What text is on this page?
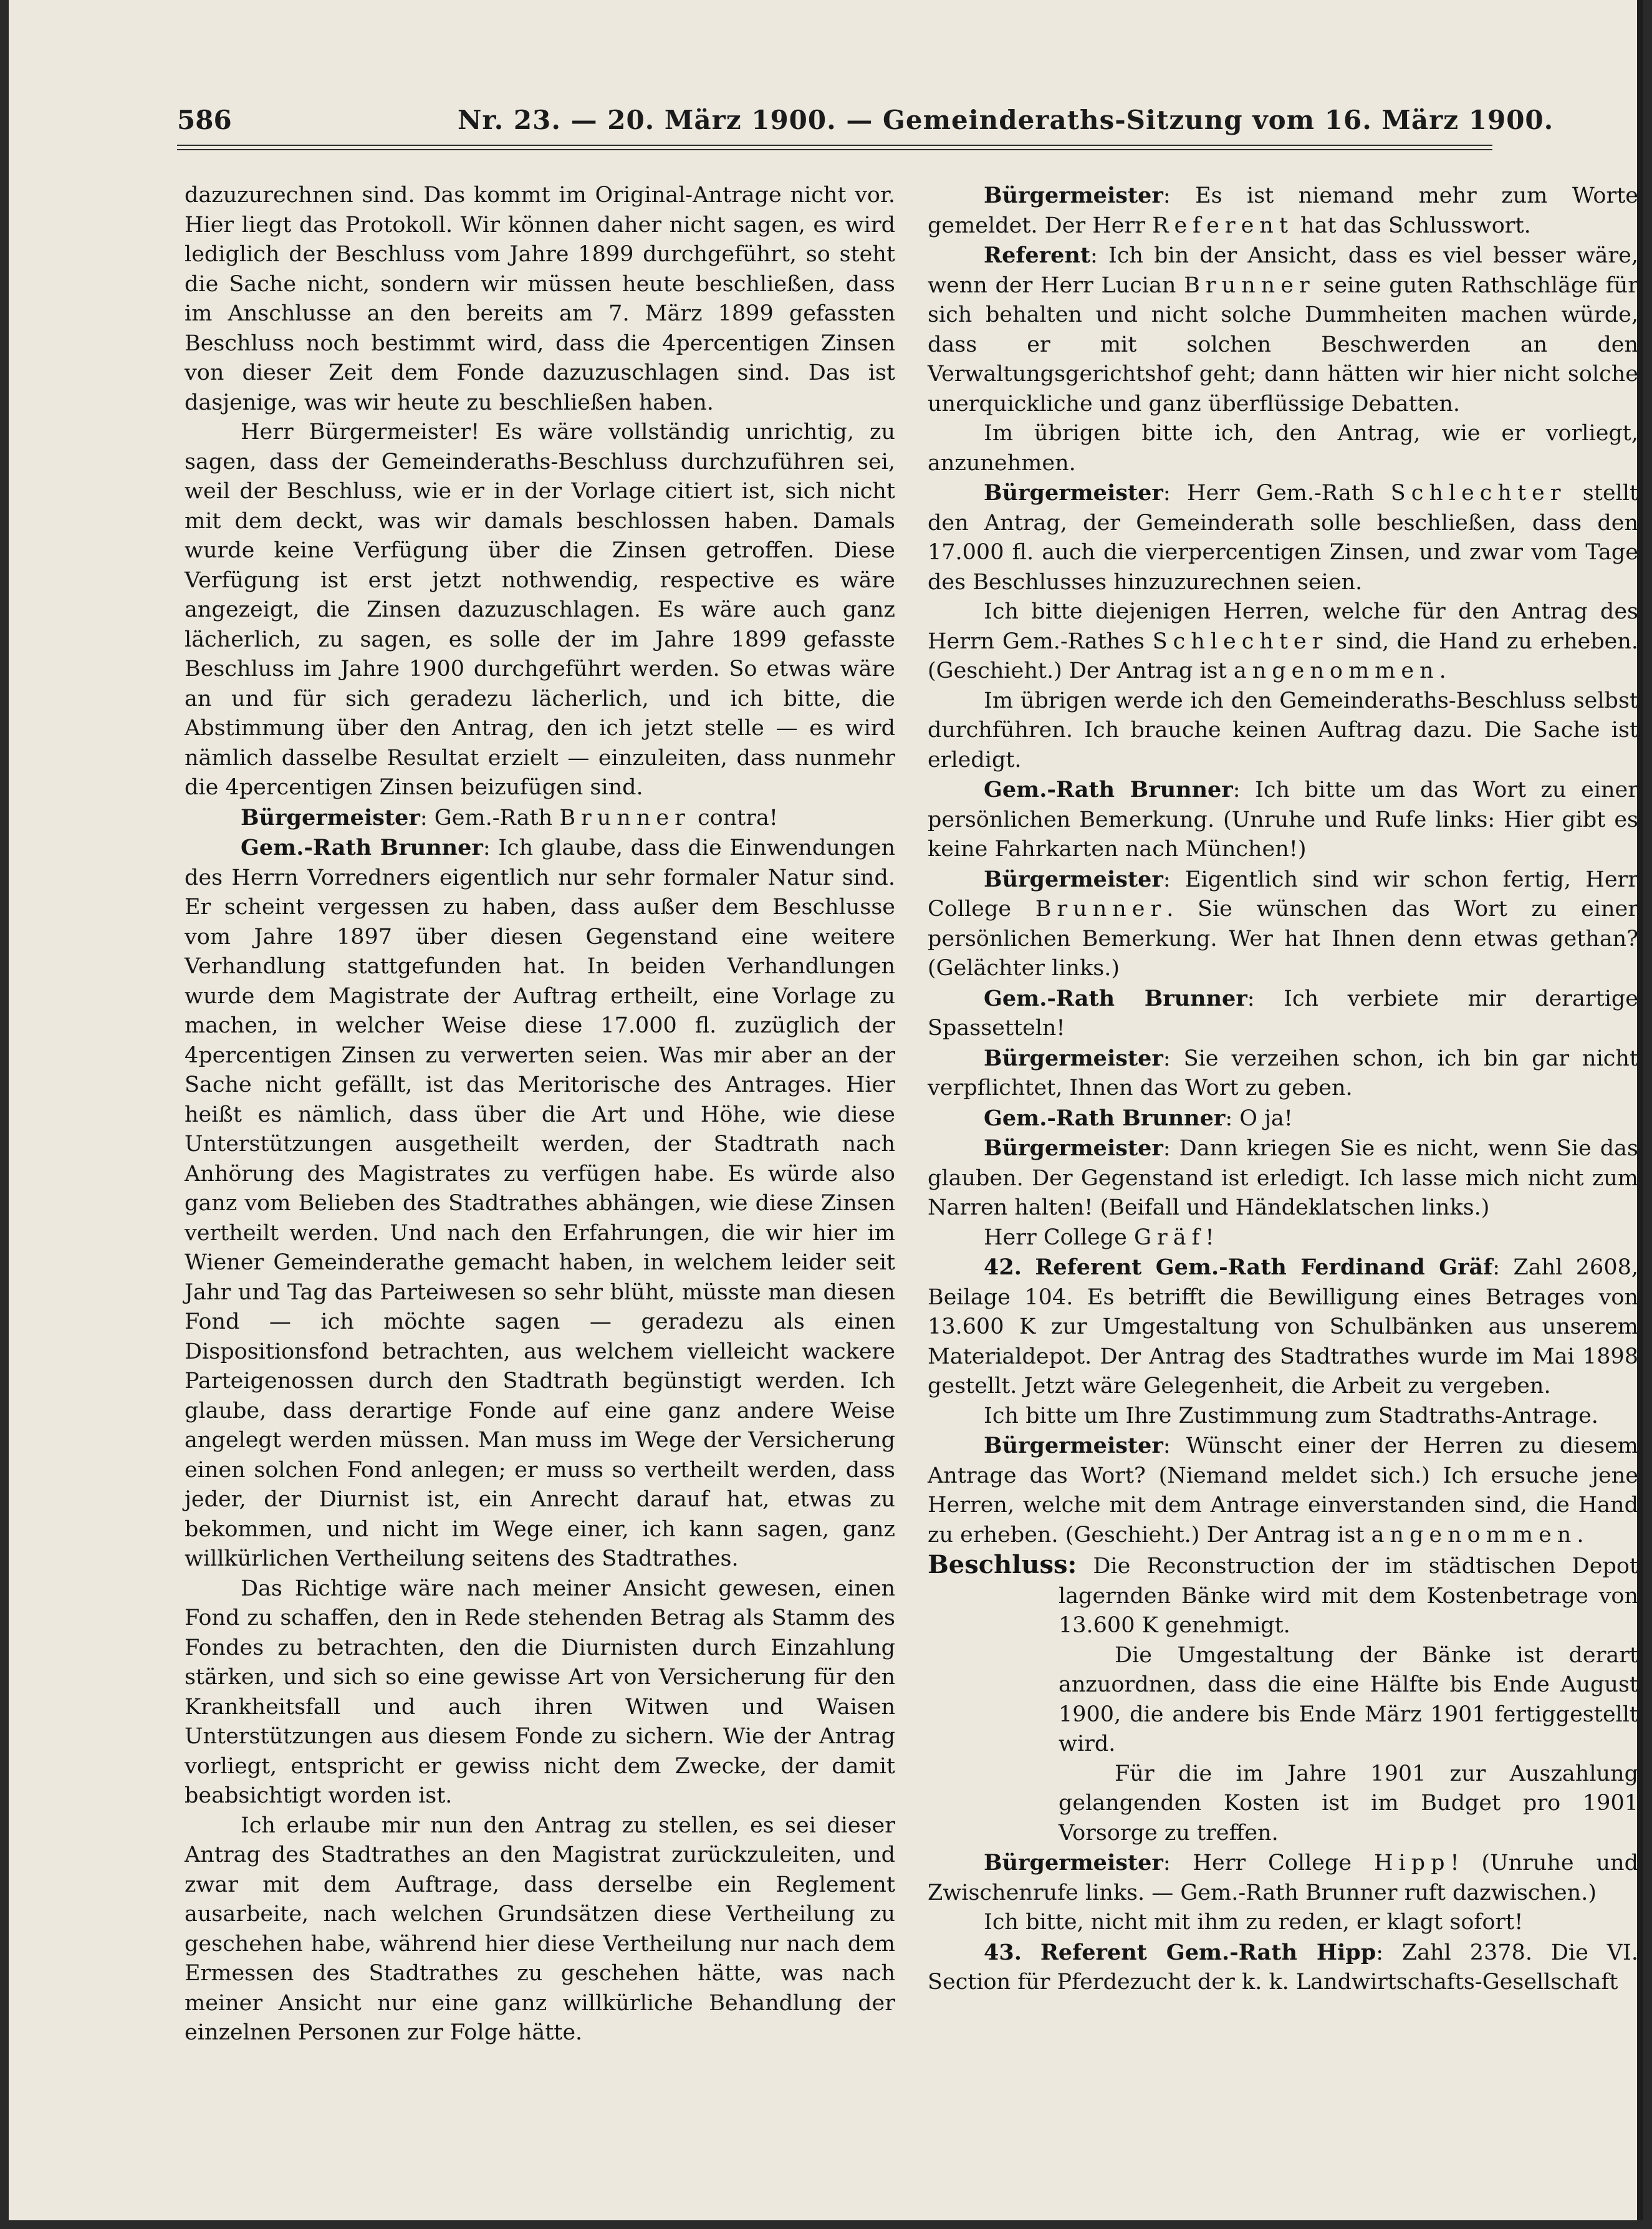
586	Nr. 23. — 20. März 1900. — Gemeinderaths-Sitzung vom 16. März 1900.

dazuzurechnen sind. Das kommt im Original-Antrage nicht vor. Hier liegt das Protokoll. Wir können daher nicht sagen, es wird lediglich der Beschluss vom Jahre 1899 durchgeführt, so steht die Sache nicht, sondern wir müssen heute beschließen, dass im Anschlusse an den bereits am 7. März 1899 gefassten Beschluss noch bestimmt wird, dass die 4percentigen Zinsen von dieser Zeit dem Fonde dazuzuschlagen sind. Das ist dasjenige, was wir heute zu beschließen haben.

Herr Bürgermeister! Es wäre vollständig unrichtig, zu sagen, dass der Gemeinderaths-Beschluss durchzuführen sei, weil der Beschluss, wie er in der Vorlage citiert ist, sich nicht mit dem deckt, was wir damals beschlossen haben. Damals wurde keine Verfügung über die Zinsen getroffen. Diese Verfügung ist erst jetzt nothwendig, respective es wäre angezeigt, die Zinsen dazuzuschlagen. Es wäre auch ganz lächerlich, zu sagen, es solle der im Jahre 1899 gefasste Beschluss im Jahre 1900 durchgeführt werden. So etwas wäre an und für sich geradezu lächerlich, und ich bitte, die Abstimmung über den Antrag, den ich jetzt stelle — es wird nämlich dasselbe Resultat erzielt — einzuleiten, dass nunmehr die 4percentigen Zinsen beizufügen sind.

Bürgermeister: Gem.-Rath Brunner contra!

Gem.-Rath Brunner: Ich glaube, dass die Einwendungen des Herrn Vorredners eigentlich nur sehr formaler Natur sind. Er scheint vergessen zu haben, dass außer dem Beschlusse vom Jahre 1897 über diesen Gegenstand eine weitere Verhandlung stattgefunden hat. In beiden Verhandlungen wurde dem Magistrate der Auftrag ertheilt, eine Vorlage zu machen, in welcher Weise diese 17.000 fl. zuzüglich der 4percentigen Zinsen zu verwerten seien. Was mir aber an der Sache nicht gefällt, ist das Meritorische des Antrages. Hier heißt es nämlich, dass über die Art und Höhe, wie diese Unterstützungen ausgetheilt werden, der Stadtrath nach Anhörung des Magistrates zu verfügen habe. Es würde also ganz vom Belieben des Stadtrathes abhängen, wie diese Zinsen vertheilt werden. Und nach den Erfahrungen, die wir hier im Wiener Gemeinderathe gemacht haben, in welchem leider seit Jahr und Tag das Parteiwesen so sehr blüht, müsste man diesen Fond — ich möchte sagen — geradezu als einen Dispositionsfond betrachten, aus welchem vielleicht wackere Parteigenossen durch den Stadtrath begünstigt werden. Ich glaube, dass derartige Fonde auf eine ganz andere Weise angelegt werden müssen. Man muss im Wege der Versicherung einen solchen Fond anlegen; er muss so vertheilt werden, dass jeder, der Diurnist ist, ein Anrecht darauf hat, etwas zu bekommen, und nicht im Wege einer, ich kann sagen, ganz willkürlichen Vertheilung seitens des Stadtrathes.

Das Richtige wäre nach meiner Ansicht gewesen, einen Fond zu schaffen, den in Rede stehenden Betrag als Stamm des Fondes zu betrachten, den die Diurnisten durch Einzahlung stärken, und sich so eine gewisse Art von Versicherung für den Krankheitsfall und auch ihren Witwen und Waisen Unterstützungen aus diesem Fonde zu sichern. Wie der Antrag vorliegt, entspricht er gewiss nicht dem Zwecke, der damit beabsichtigt worden ist.

Ich erlaube mir nun den Antrag zu stellen, es sei dieser Antrag des Stadtrathes an den Magistrat zurückzuleiten, und zwar mit dem Auftrage, dass derselbe ein Reglement ausarbeite, nach welchen Grundsätzen diese Vertheilung zu geschehen habe, während hier diese Vertheilung nur nach dem Ermessen des Stadtrathes zu geschehen hätte, was nach meiner Ansicht nur eine ganz willkürliche Behandlung der einzelnen Personen zur Folge hätte.

Bürgermeister: Es ist niemand mehr zum Worte gemeldet. Der Herr Referent hat das Schlusswort.

Referent: Ich bin der Ansicht, dass es viel besser wäre, wenn der Herr Lucian Brunner seine guten Rathschläge für sich behalten und nicht solche Dummheiten machen würde, dass er mit solchen Beschwerden an den Verwaltungsgerichtshof geht; dann hätten wir hier nicht solche unerquickliche und ganz überflüssige Debatten.

Im übrigen bitte ich, den Antrag, wie er vorliegt, anzunehmen.

Bürgermeister: Herr Gem.-Rath Schlechter stellt den Antrag, der Gemeinderath solle beschließen, dass den 17.000 fl. auch die vierpercentigen Zinsen, und zwar vom Tage des Beschlusses hinzuzurechnen seien.

Ich bitte diejenigen Herren, welche für den Antrag des Herrn Gem.-Rathes Schlechter sind, die Hand zu erheben. (Geschieht.) Der Antrag ist angenommen.

Im übrigen werde ich den Gemeinderaths-Beschluss selbst durchführen. Ich brauche keinen Auftrag dazu. Die Sache ist erledigt.

Gem.-Rath Brunner: Ich bitte um das Wort zu einer persönlichen Bemerkung. (Unruhe und Rufe links: Hier gibt es keine Fahrkarten nach München!)

Bürgermeister: Eigentlich sind wir schon fertig, Herr College Brunner. Sie wünschen das Wort zu einer persönlichen Bemerkung. Wer hat Ihnen denn etwas gethan? (Gelächter links.)

Gem.-Rath Brunner: Ich verbiete mir derartige Spassetteln!

Bürgermeister: Sie verzeihen schon, ich bin gar nicht verpflichtet, Ihnen das Wort zu geben.

Gem.-Rath Brunner: O ja!

Bürgermeister: Dann kriegen Sie es nicht, wenn Sie das glauben. Der Gegenstand ist erledigt. Ich lasse mich nicht zum Narren halten! (Beifall und Händeklatschen links.)

Herr College Gräf!

42. Referent Gem.-Rath Ferdinand Gräf: Zahl 2608, Beilage 104. Es betrifft die Bewilligung eines Betrages von 13.600 K zur Umgestaltung von Schulbänken aus unserem Materialdepot. Der Antrag des Stadtrathes wurde im Mai 1898 gestellt. Jetzt wäre Gelegenheit, die Arbeit zu vergeben.

Ich bitte um Ihre Zustimmung zum Stadtraths-Antrage.

Bürgermeister: Wünscht einer der Herren zu diesem Antrage das Wort? (Niemand meldet sich.) Ich ersuche jene Herren, welche mit dem Antrage einverstanden sind, die Hand zu erheben. (Geschieht.) Der Antrag ist angenommen.

Beschluss: Die Reconstruction der im städtischen Depot lagernden Bänke wird mit dem Kostenbetrage von 13.600 K genehmigt.

Die Umgestaltung der Bänke ist derart anzuordnen, dass die eine Hälfte bis Ende August 1900, die andere bis Ende März 1901 fertiggestellt wird.

Für die im Jahre 1901 zur Auszahlung gelangenden Kosten ist im Budget pro 1901 Vorsorge zu treffen.

Bürgermeister: Herr College Hipp! (Unruhe und Zwischenrufe links. — Gem.-Rath Brunner ruft dazwischen.)

Ich bitte, nicht mit ihm zu reden, er klagt sofort!

43. Referent Gem.-Rath Hipp: Zahl 2378. Die VI. Section für Pferdezucht der k. k. Landwirtschafts-Gesellschaft
